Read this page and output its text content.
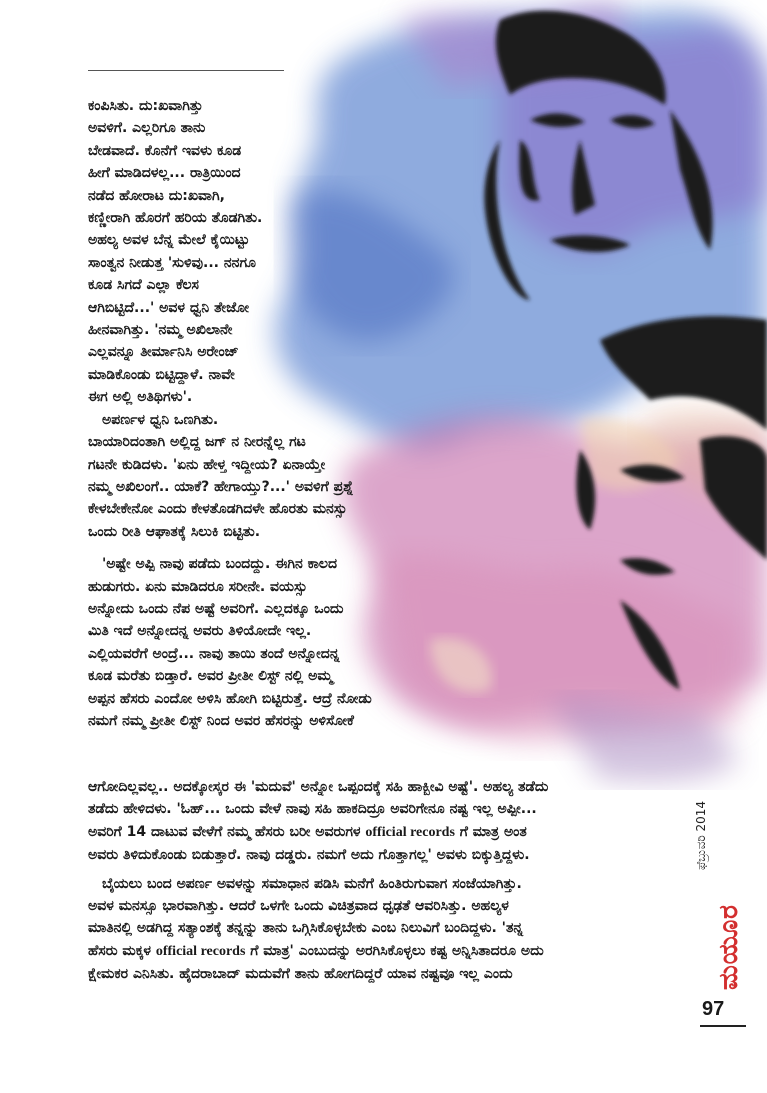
ಕಂಪಿಸಿತು. ದು:ಖವಾಗಿತ್ತು
ಅವಳಿಗೆ. ಎಲ್ಲರಿಗೂ ತಾನು
ಬೇಡವಾದೆ. ಕೊನೆಗೆ ಇವಳು ಕೂಡ
ಹೀಗೆ ಮಾಡಿದಳಲ್ಲ... ರಾತ್ರಿಯಿಂದ
ನಡೆದ ಹೋರಾಟ ದು:ಖವಾಗಿ,
ಕಣ್ಣೀರಾಗಿ ಹೊರಗೆ ಹರಿಯ ತೊಡಗಿತು.
ಅಹಲ್ಯ ಅವಳ ಬೆನ್ನ ಮೇಲೆ ಕೈಯಿಟ್ಟು
ಸಾಂತ್ವನ ನೀಡುತ್ತ 'ಸುಳಿವು... ನನಗೂ
ಕೂಡ ಸಿಗದೆ ಎಲ್ಲಾ ಕೆಲಸ
ಆಗಿಬಿಟ್ಟಿದೆ...' ಅವಳ ಧ್ವನಿ ತೇಜೋ
ಹೀನವಾಗಿತ್ತು. 'ನಮ್ಮ ಅಖಿಲಾನೇ
ಎಲ್ಲವನ್ನೂ ತೀರ್ಮಾನಿಸಿ ಅರೇಂಜ್
ಮಾಡಿಕೊಂಡು ಬಿಟ್ಟಿದ್ದಾಳೆ. ನಾವೇ
ಈಗ ಅಲ್ಲಿ ಅತಿಥಿಗಳು'.

ಅಪರ್ಣಳ ಧ್ವನಿ ಒಣಗಿತು.
ಬಾಯಾರಿದಂತಾಗಿ ಅಲ್ಲಿದ್ದ ಜಗ್ ನ ನೀರನ್ನೆಲ್ಲ ಗಟ
ಗಟನೇ ಕುಡಿದಳು. 'ಏನು ಹೇಳ್ತ ಇದ್ದೀಯ? ಏನಾಯ್ತೇ
ನಮ್ಮ ಅಖಿಲಂಗೆ.. ಯಾಕೆ? ಹೇಗಾಯ್ತು?...' ಅವಳಿಗೆ ಪ್ರಶ್ನೆ
ಕೇಳಬೇಕೇನೋ ಎಂದು ಕೇಳತೊಡಗಿದಳೇ ಹೊರತು ಮನಸ್ಸು
ಒಂದು ರೀತಿ ಆಘಾತಕ್ಕೆ ಸಿಲುಕಿ ಬಿಟ್ಟಿತು.

'ಅಷ್ಟೇ ಅಪ್ಪಿ ನಾವು ಪಡೆದು ಬಂದದ್ದು. ಈಗಿನ ಕಾಲದ
ಹುಡುಗರು. ಏನು ಮಾಡಿದರೂ ಸರೀನೇ. ವಯಸ್ಸು
ಅನ್ನೋದು ಒಂದು ನೆಪ ಅಷ್ಟೆ ಅವರಿಗೆ. ಎಲ್ಲದಕ್ಕೂ ಒಂದು
ಮಿತಿ ಇದೆ ಅನ್ನೋದನ್ನ ಅವರು ತಿಳಿಯೋದೇ ಇಲ್ಲ.
ಎಲ್ಲಿಯವರೆಗೆ ಅಂದ್ರೆ... ನಾವು ತಾಯಿ ತಂದೆ ಅನ್ನೋದನ್ನ
ಕೂಡ ಮರೆತು ಬಿಡ್ತಾರೆ. ಅವರ ಪ್ರೀತೀ ಲಿಸ್ಟ್ ನಲ್ಲಿ ಅಮ್ಮ
ಅಪ್ಪನ ಹೆಸರು ಎಂದೋ ಅಳಿಸಿ ಹೋಗಿ ಬಿಟ್ಟಿರುತ್ತೆ. ಆದ್ರೆ ನೋಡು
ನಮಗೆ ನಮ್ಮ ಪ್ರೀತೀ ಲಿಸ್ಟ್ ನಿಂದ ಅವರ ಹೆಸರನ್ನು ಅಳಿಸೋಕೆ

ಆಗೋದಿಲ್ಲವಲ್ಲ.. ಅದಕ್ಕೋಸ್ಕರ ಈ 'ಮದುವೆ' ಅನ್ನೋ ಒಪ್ಪಂದಕ್ಕೆ ಸಹಿ ಹಾಕ್ಬೀವಿ ಅಷ್ಟೆ'. ಅಹಲ್ಯ ತಡೆದು
ತಡೆದು ಹೇಳಿದಳು. 'ಓಹ್... ಒಂದು ವೇಳೆ ನಾವು ಸಹಿ ಹಾಕದಿದ್ರೂ ಅವರಿಗೇನೂ ನಷ್ಟ ಇಲ್ಲ ಅಪ್ಪೀ...
ಅವರಿಗೆ 14 ದಾಟುವ ವೇಳೆಗೆ ನಮ್ಮ ಹೆಸರು ಬರೀ ಅವರುಗಳ official records ಗೆ ಮಾತ್ರ ಅಂತ
ಅವರು ತಿಳಿದುಕೊಂಡು ಬಿಡುತ್ತಾರೆ. ನಾವು ದಡ್ಡರು. ನಮಗೆ ಅದು ಗೊತ್ತಾಗಲ್ಲ' ಅವಳು ಬಿಕ್ಕುತ್ತಿದ್ದಳು.

ಬೈಯಲು ಬಂದ ಅಪರ್ಣ ಅವಳನ್ನು ಸಮಾಧಾನ ಪಡಿಸಿ ಮನೆಗೆ ಹಿಂತಿರುಗುವಾಗ ಸಂಜೆಯಾಗಿತ್ತು.
ಅವಳ ಮನಸ್ಸೂ ಭಾರವಾಗಿತ್ತು. ಆದರೆ ಒಳಗೇ ಒಂದು ವಿಚಿತ್ರವಾದ ಧೃಢತೆ ಆವರಿಸಿತ್ತು. ಅಹಲ್ಯಳ
ಮಾತಿನಲ್ಲಿ ಅಡಗಿದ್ದ ಸತ್ಯಾಂಶಕ್ಕೆ ತನ್ನನ್ನು ತಾನು ಒಗ್ಗಿಸಿಕೊಳ್ಳಬೇಕು ಎಂಬ ನಿಲುವಿಗೆ ಬಂದಿದ್ದಳು. 'ತನ್ನ
ಹೆಸರು ಮಕ್ಕಳ official records ಗೆ ಮಾತ್ರ' ಎಂಬುದನ್ನು ಅರಗಿಸಿಕೊಳ್ಳಲು ಕಷ್ಟ ಅನ್ನಿಸಿತಾದರೂ ಅದು
ಕ್ಷೇಮಕರ ಎನಿಸಿತು. ಹೈದರಾಬಾದ್ ಮದುವೆಗೆ ತಾನು ಹೋಗದಿದ್ದರೆ ಯಾವ ನಷ್ಟವೂ ಇಲ್ಲ ಎಂದು

ಫೆಬ್ರುವರಿ 2014
ಮಯೂರ
97
